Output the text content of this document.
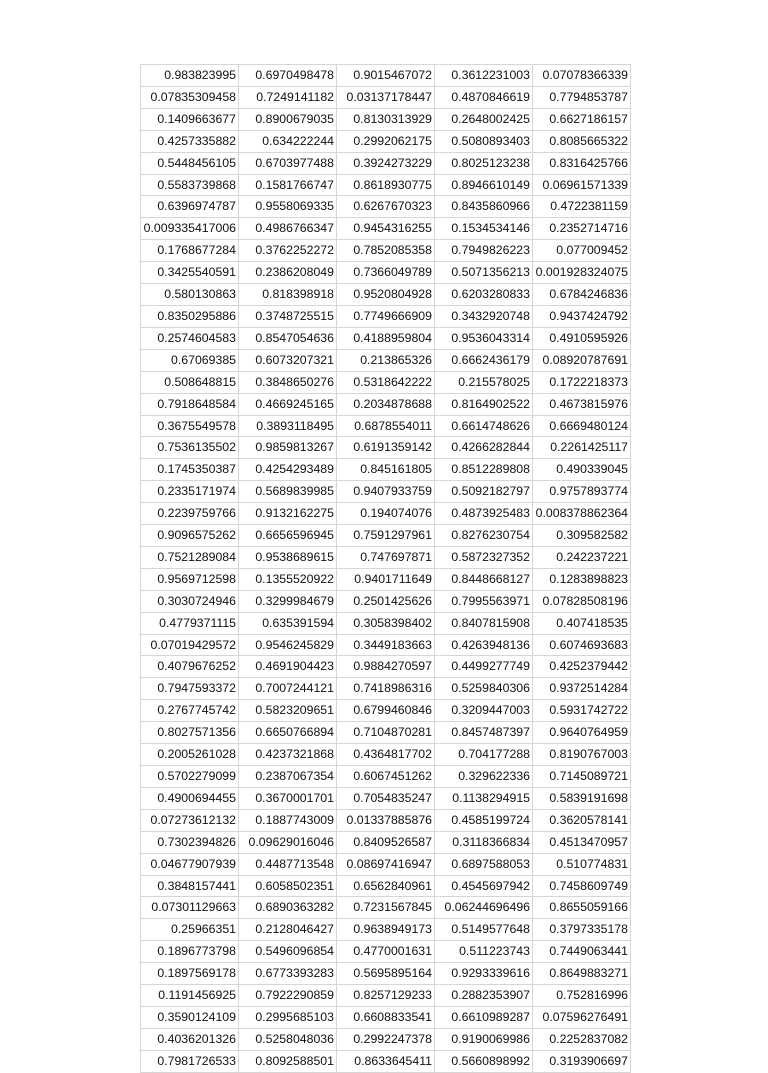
0.983823995	0.6970498478	0.9015467072	0.3612231003	0.07078366339
0.07835309458	0.7249141182	0.03137178447	0.4870846619	0.7794853787
0.1409663677	0.8900679035	0.8130313929	0.2648002425	0.6627186157
0.4257335882	0.634222244	0.2992062175	0.5080893403	0.8085665322
0.5448456105	0.6703977488	0.3924273229	0.8025123238	0.8316425766
0.5583739868	0.1581766747	0.8618930775	0.8946610149	0.06961571339
0.6396974787	0.9558069335	0.6267670323	0.8435860966	0.4722381159
0.009335417006	0.4986766347	0.9454316255	0.1534534146	0.2352714716
0.1768677284	0.3762252272	0.7852085358	0.7949826223	0.077009452
0.3425540591	0.2386208049	0.7366049789	0.5071356213	0.001928324075
0.580130863	0.818398918	0.9520804928	0.6203280833	0.6784246836
0.8350295886	0.3748725515	0.7749666909	0.3432920748	0.9437424792
0.2574604583	0.8547054636	0.4188959804	0.9536043314	0.4910595926
0.67069385	0.6073207321	0.213865326	0.6662436179	0.08920787691
0.508648815	0.3848650276	0.5318642222	0.215578025	0.1722218373
0.7918648584	0.4669245165	0.2034878688	0.8164902522	0.4673815976
0.3675549578	0.3893118495	0.6878554011	0.6614748626	0.6669480124
0.7536135502	0.9859813267	0.6191359142	0.4266282844	0.2261425117
0.1745350387	0.4254293489	0.845161805	0.8512289808	0.490339045
0.2335171974	0.5689839985	0.9407933759	0.5092182797	0.9757893774
0.2239759766	0.9132162275	0.194074076	0.4873925483	0.008378862364
0.9096575262	0.6656596945	0.7591297961	0.8276230754	0.309582582
0.7521289084	0.9538689615	0.747697871	0.5872327352	0.242237221
0.9569712598	0.1355520922	0.9401711649	0.8448668127	0.1283898823
0.3030724946	0.3299984679	0.2501425626	0.7995563971	0.07828508196
0.4779371115	0.635391594	0.3058398402	0.8407815908	0.407418535
0.07019429572	0.9546245829	0.3449183663	0.4263948136	0.6074693683
0.4079676252	0.4691904423	0.9884270597	0.4499277749	0.4252379442
0.7947593372	0.7007244121	0.7418986316	0.5259840306	0.9372514284
0.2767745742	0.5823209651	0.6799460846	0.3209447003	0.5931742722
0.8027571356	0.6650766894	0.7104870281	0.8457487397	0.9640764959
0.2005261028	0.4237321868	0.4364817702	0.704177288	0.8190767003
0.5702279099	0.2387067354	0.6067451262	0.329622336	0.7145089721
0.4900694455	0.3670001701	0.7054835247	0.1138294915	0.5839191698
0.07273612132	0.1887743009	0.01337885876	0.4585199724	0.3620578141
0.7302394826	0.09629016046	0.8409526587	0.3118366834	0.4513470957
0.04677907939	0.4487713548	0.08697416947	0.6897588053	0.510774831
0.3848157441	0.6058502351	0.6562840961	0.4545697942	0.7458609749
0.07301129663	0.6890363282	0.7231567845	0.06244696496	0.8655059166
0.25966351	0.2128046427	0.9638949173	0.5149577648	0.3797335178
0.1896773798	0.5496096854	0.4770001631	0.511223743	0.7449063441
0.1897569178	0.6773393283	0.5695895164	0.9293339616	0.8649883271
0.1191456925	0.7922290859	0.8257129233	0.2882353907	0.752816996
0.3590124109	0.2995685103	0.6608833541	0.6610989287	0.07596276491
0.4036201326	0.5258048036	0.2992247378	0.9190069986	0.2252837082
0.7981726533	0.8092588501	0.8633645411	0.5660898992	0.3193906697
